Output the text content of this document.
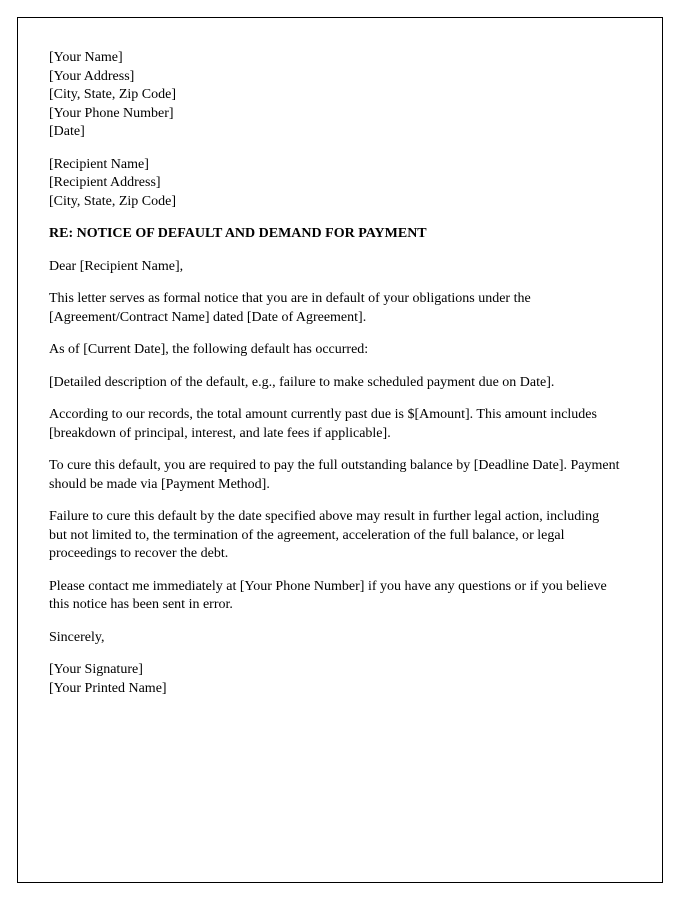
[Your Name]
[Your Address]
[City, State, Zip Code]
[Your Phone Number]
[Date]
[Recipient Name]
[Recipient Address]
[City, State, Zip Code]
RE: NOTICE OF DEFAULT AND DEMAND FOR PAYMENT
Dear [Recipient Name],
This letter serves as formal notice that you are in default of your obligations under the [Agreement/Contract Name] dated [Date of Agreement].
As of [Current Date], the following default has occurred:
[Detailed description of the default, e.g., failure to make scheduled payment due on Date].
According to our records, the total amount currently past due is $[Amount]. This amount includes [breakdown of principal, interest, and late fees if applicable].
To cure this default, you are required to pay the full outstanding balance by [Deadline Date]. Payment should be made via [Payment Method].
Failure to cure this default by the date specified above may result in further legal action, including but not limited to, the termination of the agreement, acceleration of the full balance, or legal proceedings to recover the debt.
Please contact me immediately at [Your Phone Number] if you have any questions or if you believe this notice has been sent in error.
Sincerely,
[Your Signature]
[Your Printed Name]
